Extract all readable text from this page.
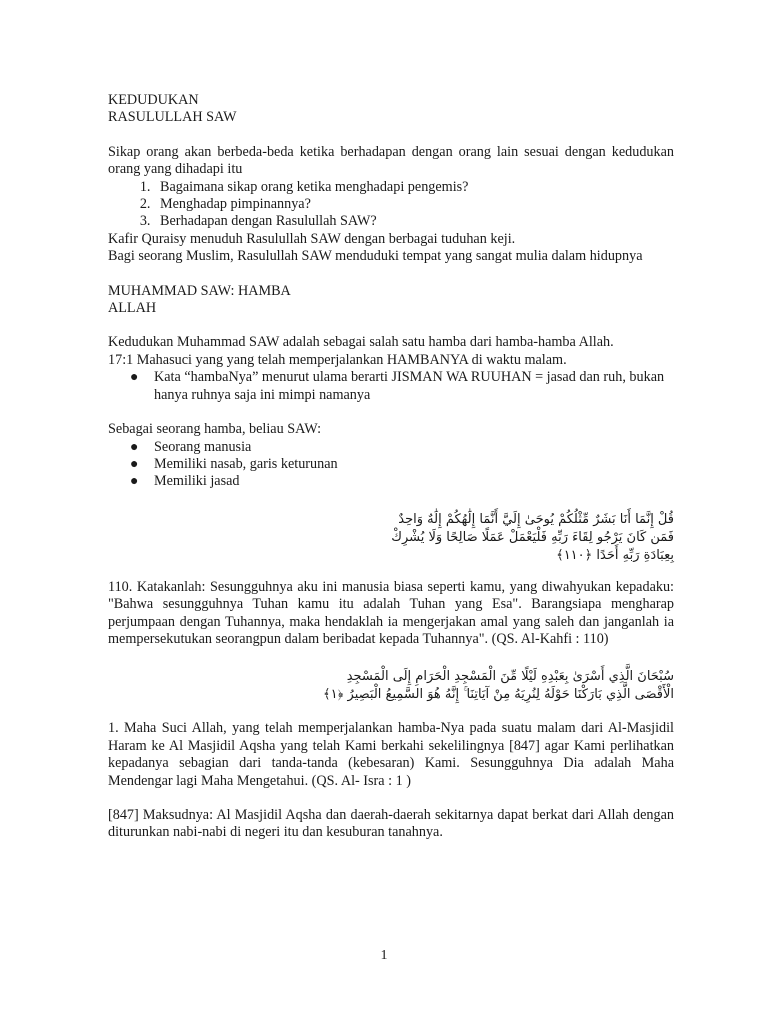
KEDUDUKAN
RASULULLAH SAW

Sikap orang akan berbeda-beda ketika berhadapan dengan orang lain sesuai dengan kedudukan orang yang dihadapi itu

1. Bagaimana sikap orang ketika menghadapi pengemis?
2. Menghadap pimpinannya?
3. Berhadapan dengan Rasulullah SAW?

Kafir Quraisy menuduh Rasulullah SAW dengan berbagai tuduhan keji.

Bagi seorang Muslim, Rasulullah SAW menduduki tempat yang sangat mulia dalam hidupnya

MUHAMMAD SAW: HAMBA
ALLAH

Kedudukan Muhammad SAW adalah sebagai salah satu hamba dari hamba-hamba Allah.

17:1 Mahasuci yang yang telah memperjalankan HAMBANYA di waktu malam.

● Kata “hambaNya” menurut ulama berarti JISMAN WA RUUHAN = jasad dan ruh, bukan hanya ruhnya saja ini mimpi namanya

Sebagai seorang hamba, beliau SAW:

● Seorang manusia
● Memiliki nasab, garis keturunan
● Memiliki jasad

قُلْ إِنَّمَا أَنَا بَشَرٌ مِّثْلُكُمْ يُوحَىٰ إِلَيَّ أَنَّمَا إِلَٰهُكُمْ إِلَٰهٌ وَاحِدٌ

فَمَن كَانَ يَرْجُو لِقَاءَ رَبِّهِ فَلْيَعْمَلْ عَمَلًا صَالِحًا وَلَا يُشْرِكْ

بِعِبَادَةِ رَبِّهِ أَحَدًا ﴿١١٠﴾

110. Katakanlah: Sesungguhnya aku ini manusia biasa seperti kamu, yang diwahyukan kepadaku: "Bahwa sesungguhnya Tuhan kamu itu adalah Tuhan yang Esa". Barangsiapa mengharap perjumpaan dengan Tuhannya, maka hendaklah ia mengerjakan amal yang saleh dan janganlah ia mempersekutukan seorangpun dalam beribadat kepada Tuhannya". (QS. Al-Kahfi : 110)

سُبْحَانَ الَّذِي أَسْرَىٰ بِعَبْدِهِ لَيْلًا مِّنَ الْمَسْجِدِ الْحَرَامِ إِلَى الْمَسْجِدِ

الْأَقْصَى الَّذِي بَارَكْنَا حَوْلَهُ لِنُرِيَهُ مِنْ آيَاتِنَا ۚ إِنَّهُ هُوَ السَّمِيعُ الْبَصِيرُ ﴿١﴾

1. Maha Suci Allah, yang telah memperjalankan hamba-Nya pada suatu malam dari Al-Masjidil Haram ke Al Masjidil Aqsha yang telah Kami berkahi sekelilingnya [847] agar Kami perlihatkan kepadanya sebagian dari tanda-tanda (kebesaran) Kami. Sesungguhnya Dia adalah Maha Mendengar lagi Maha Mengetahui. (QS. Al- Isra : 1 )

[847] Maksudnya: Al Masjidil Aqsha dan daerah-daerah sekitarnya dapat berkat dari Allah dengan diturunkan nabi-nabi di negeri itu dan kesuburan tanahnya.

1
